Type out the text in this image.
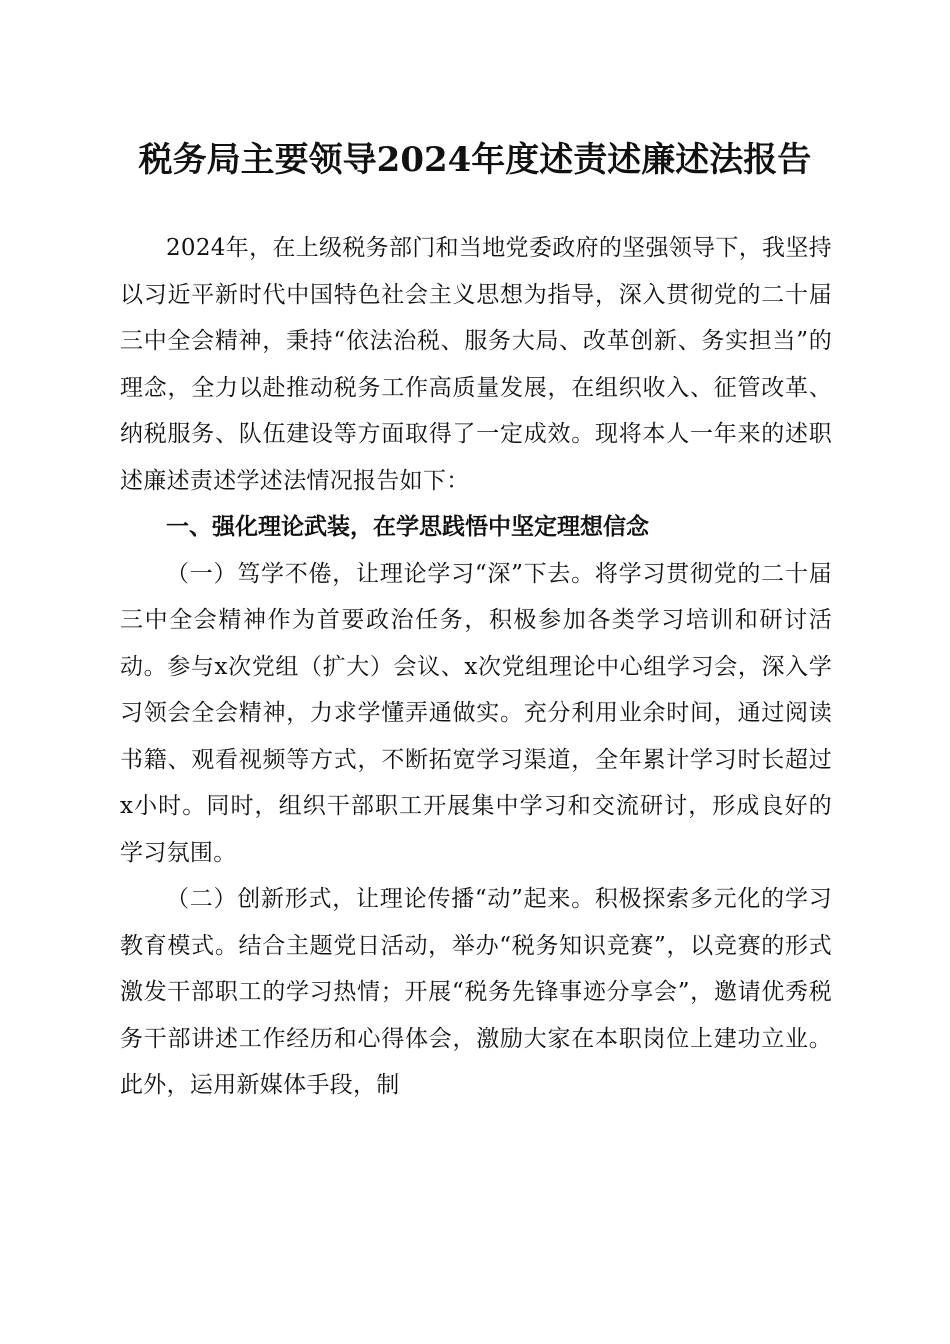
税务局主要领导2024年度述责述廉述法报告

2024年，在上级税务部门和当地党委政府的坚强领导下，我坚持以习近平新时代中国特色社会主义思想为指导，深入贯彻党的二十届三中全会精神，秉持“依法治税、服务大局、改革创新、务实担当”的理念，全力以赴推动税务工作高质量发展，在组织收入、征管改革、纳税服务、队伍建设等方面取得了一定成效。现将本人一年来的述职述廉述责述学述法情况报告如下：

一、强化理论武装，在学思践悟中坚定理想信念

（一）笃学不倦，让理论学习“深”下去。将学习贯彻党的二十届三中全会精神作为首要政治任务，积极参加各类学习培训和研讨活动。参与x次党组（扩大）会议、x次党组理论中心组学习会，深入学习领会全会精神，力求学懂弄通做实。充分利用业余时间，通过阅读书籍、观看视频等方式，不断拓宽学习渠道，全年累计学习时长超过x小时。同时，组织干部职工开展集中学习和交流研讨，形成良好的学习氛围。

（二）创新形式，让理论传播“动”起来。积极探索多元化的学习教育模式。结合主题党日活动，举办“税务知识竞赛”，以竞赛的形式激发干部职工的学习热情；开展“税务先锋事迹分享会”，邀请优秀税务干部讲述工作经历和心得体会，激励大家在本职岗位上建功立业。此外，运用新媒体手段，制
